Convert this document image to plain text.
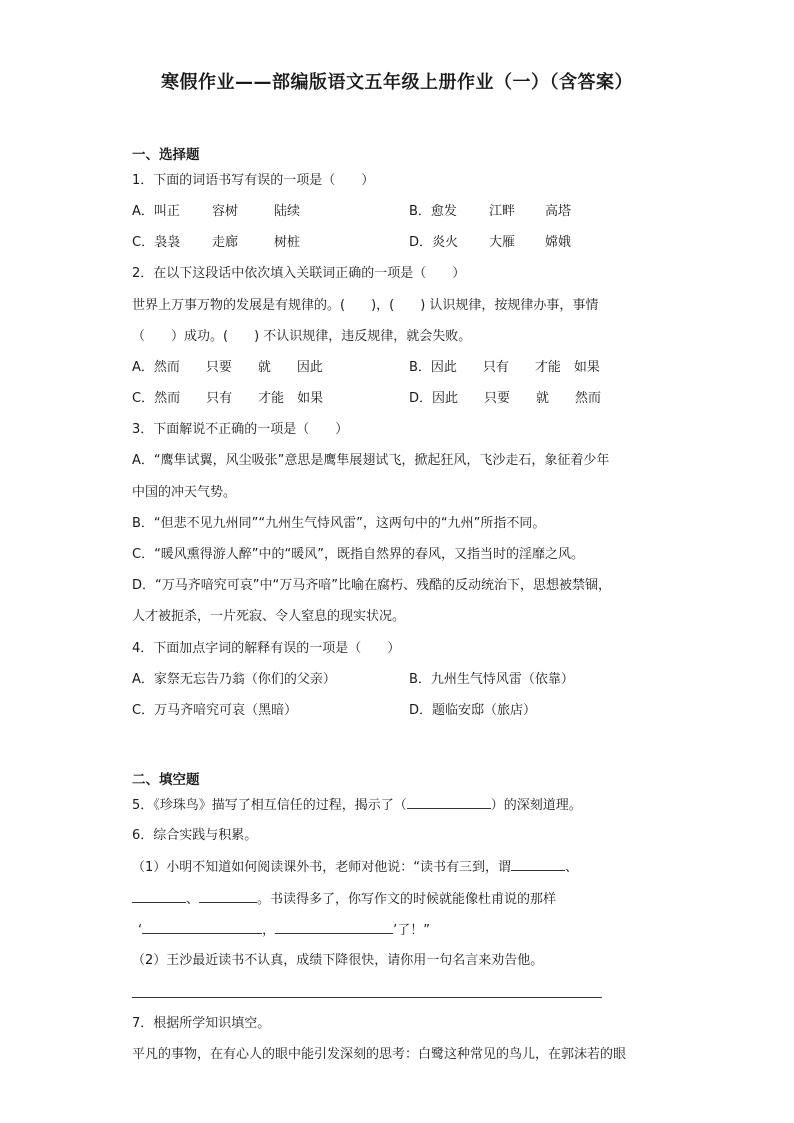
寒假作业——部编版语文五年级上册作业（一）（含答案）
一、选择题
1．下面的词语书写有误的一项是（　　）
A．叫正 容树	陆续	B．愈发 江畔 高塔
C．袅袅 走廊	树桩	D．炎火 大雁 嫦娥
2．在以下这段话中依次填入关联词正确的一项是（　　）
世界上万事万物的发展是有规律的。(　　)，(　　) 认识规律，按规律办事，事情
（　　）成功。(　　) 不认识规律，违反规律，就会失败。
A．然而　　只要　　就　　因此	B．因此　　只有　　才能　如果
C．然而　　只有　　才能　如果	D．因此　　只要　　就　　然而
3．下面解说不正确的一项是（　　）
A．“鹰隼试翼，风尘吸张”意思是鹰隼展翅试飞，掀起狂风，飞沙走石，象征着少年
中国的冲天气势。
B．“但悲不见九州同”“九州生气恃风雷”，这两句中的“九州”所指不同。
C．“暖风熏得游人醉”中的“暖风”，既指自然界的春风，又指当时的淫靡之风。
D．“万马齐喑究可哀”中“万马齐喑”比喻在腐朽、残酷的反动统治下，思想被禁锢，
人才被扼杀，一片死寂、令人窒息的现实状况。
4．下面加点字词的解释有误的一项是（　　）
A．家祭无忘告乃翁（你们的父亲）	B．九州生气恃风雷（依靠）
C．万马齐喑究可哀（黑暗）	D．题临安邸（旅店）
二、填空题
5．《珍珠鸟》描写了相互信任的过程，揭示了（	）的深刻道理。
6．综合实践与积累。
（1）小明不知道如何阅读课外书，老师对他说：“读书有三到，谓	、
、	。书读得多了，你写作文的时候就能像杜甫说的那样
‘	，	’了！”
（2）王沙最近读书不认真，成绩下降很快，请你用一句名言来劝告他。
7．根据所学知识填空。
平凡的事物，在有心人的眼中能引发深刻的思考：白鹭这种常见的鸟儿，在郭沫若的眼
